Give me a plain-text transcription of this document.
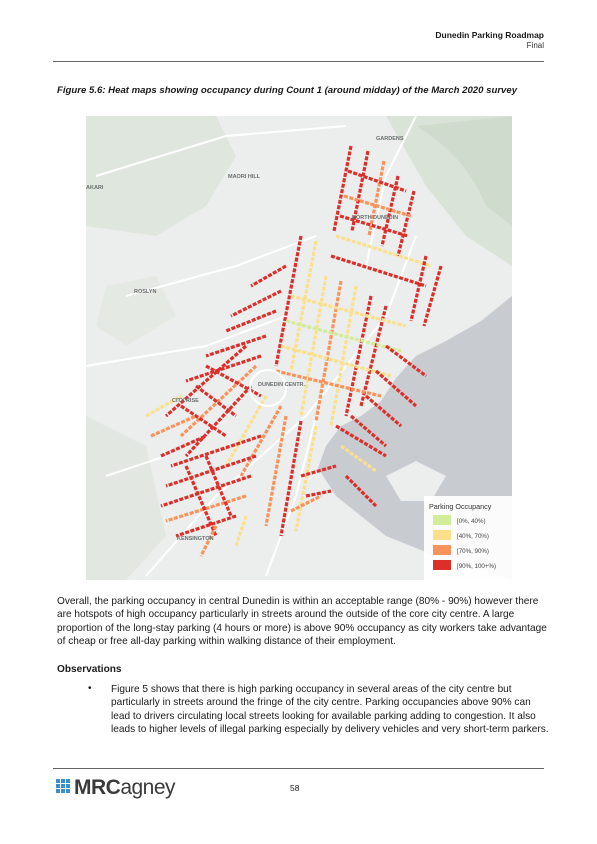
Dunedin Parking Roadmap
Final
Figure 5.6: Heat maps showing occupancy during Count 1 (around midday) of the March 2020 survey
GARDENS
MAORI HILL
AKARI
NORTH DUNEDIN
ROSLYN
DUNEDIN CENTR.
CITY RISE
KENSINGTON
Parking Occupancy
[0%, 40%)
[40%, 70%)
[70%, 90%)
[90%, 100+%)
Overall, the parking occupancy in central Dunedin is within an acceptable range (80% - 90%) however there are hotspots of high occupancy particularly in streets around the outside of the core city centre. A large proportion of the long-stay parking (4 hours or more) is above 90% occupancy as city workers take advantage of cheap or free all-day parking within walking distance of their employment.
Observations
• Figure 5 shows that there is high parking occupancy in several areas of the city centre but particularly in streets around the fringe of the city centre. Parking occupancies above 90% can lead to drivers circulating local streets looking for available parking adding to congestion. It also leads to higher levels of illegal parking especially by delivery vehicles and very short-term parkers.
MRCagney	58
